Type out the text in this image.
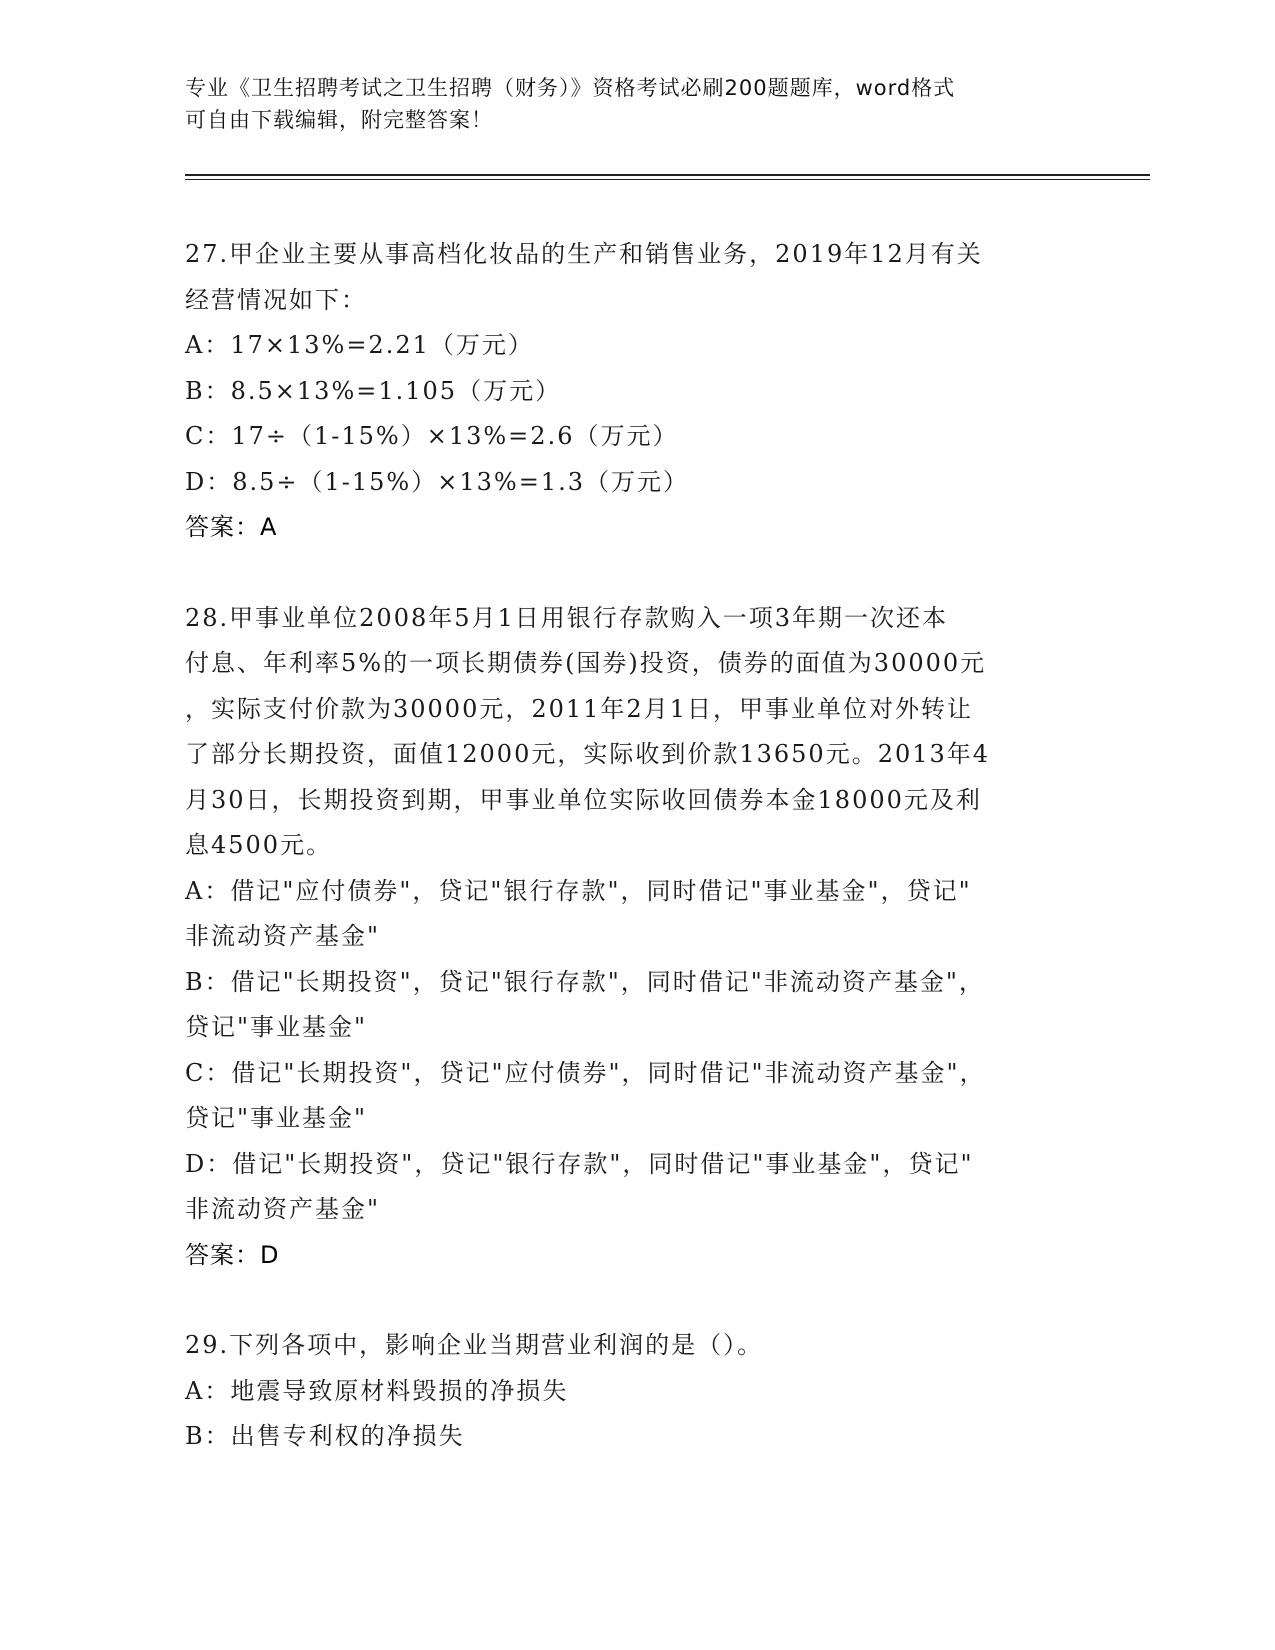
专业《卫生招聘考试之卫生招聘（财务）》资格考试必刷200题题库，word格式
可自由下载编辑，附完整答案！

27.甲企业主要从事高档化妆品的生产和销售业务，2019年12月有关

经营情况如下：

A：17×13%=2.21（万元）

B：8.5×13%=1.105（万元）

C：17÷（1-15%）×13%=2.6（万元）

D：8.5÷（1-15%）×13%=1.3（万元）

答案：A

28.甲事业单位2008年5月1日用银行存款购入一项3年期一次还本

付息、年利率5%的一项长期债券(国券)投资，债券的面值为30000元

，实际支付价款为30000元，2011年2月1日，甲事业单位对外转让

了部分长期投资，面值12000元，实际收到价款13650元。2013年4

月30日，长期投资到期，甲事业单位实际收回债券本金18000元及利

息4500元。

A：借记"应付债券"，贷记"银行存款"，同时借记"事业基金"，贷记"

非流动资产基金"

B：借记"长期投资"，贷记"银行存款"，同时借记"非流动资产基金"，

贷记"事业基金"

C：借记"长期投资"，贷记"应付债券"，同时借记"非流动资产基金"，

贷记"事业基金"

D：借记"长期投资"，贷记"银行存款"，同时借记"事业基金"，贷记"

非流动资产基金"

答案：D

29.下列各项中，影响企业当期营业利润的是（）。

A：地震导致原材料毁损的净损失

B：出售专利权的净损失
